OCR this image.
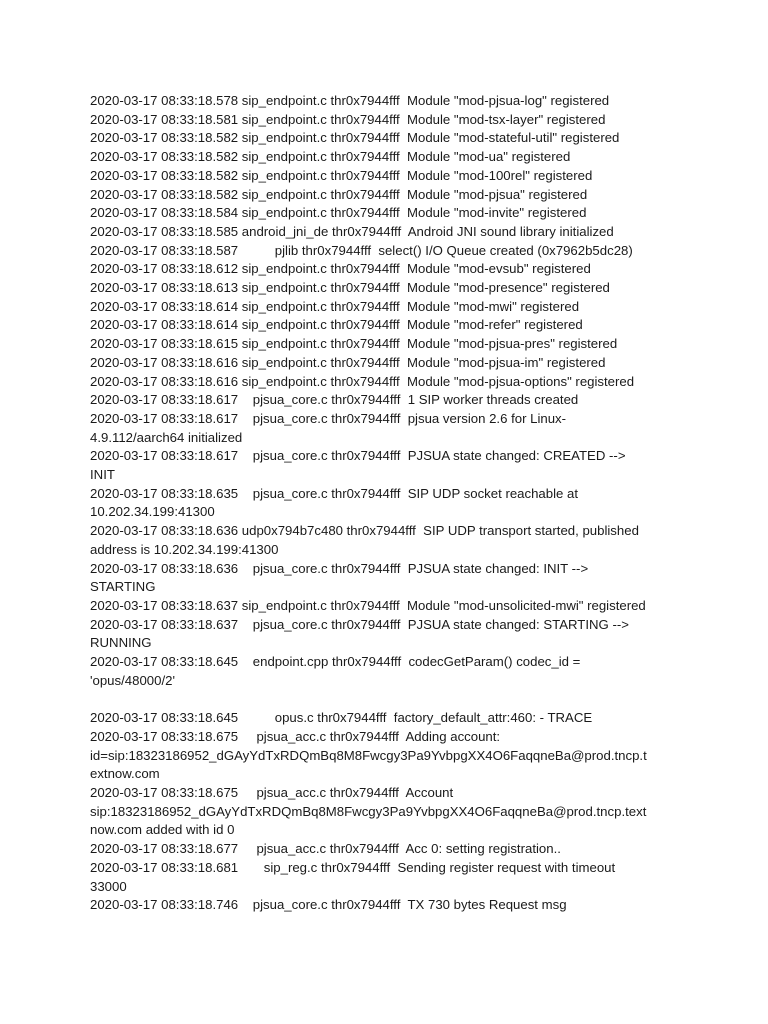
2020-03-17 08:33:18.578 sip_endpoint.c thr0x7944fff  Module "mod-pjsua-log" registered
2020-03-17 08:33:18.581 sip_endpoint.c thr0x7944fff  Module "mod-tsx-layer" registered
2020-03-17 08:33:18.582 sip_endpoint.c thr0x7944fff  Module "mod-stateful-util" registered
2020-03-17 08:33:18.582 sip_endpoint.c thr0x7944fff  Module "mod-ua" registered
2020-03-17 08:33:18.582 sip_endpoint.c thr0x7944fff  Module "mod-100rel" registered
2020-03-17 08:33:18.582 sip_endpoint.c thr0x7944fff  Module "mod-pjsua" registered
2020-03-17 08:33:18.584 sip_endpoint.c thr0x7944fff  Module "mod-invite" registered
2020-03-17 08:33:18.585 android_jni_de thr0x7944fff  Android JNI sound library initialized
2020-03-17 08:33:18.587          pjlib thr0x7944fff  select() I/O Queue created (0x7962b5dc28)
2020-03-17 08:33:18.612 sip_endpoint.c thr0x7944fff  Module "mod-evsub" registered
2020-03-17 08:33:18.613 sip_endpoint.c thr0x7944fff  Module "mod-presence" registered
2020-03-17 08:33:18.614 sip_endpoint.c thr0x7944fff  Module "mod-mwi" registered
2020-03-17 08:33:18.614 sip_endpoint.c thr0x7944fff  Module "mod-refer" registered
2020-03-17 08:33:18.615 sip_endpoint.c thr0x7944fff  Module "mod-pjsua-pres" registered
2020-03-17 08:33:18.616 sip_endpoint.c thr0x7944fff  Module "mod-pjsua-im" registered
2020-03-17 08:33:18.616 sip_endpoint.c thr0x7944fff  Module "mod-pjsua-options" registered
2020-03-17 08:33:18.617    pjsua_core.c thr0x7944fff  1 SIP worker threads created
2020-03-17 08:33:18.617    pjsua_core.c thr0x7944fff  pjsua version 2.6 for Linux-
4.9.112/aarch64 initialized
2020-03-17 08:33:18.617    pjsua_core.c thr0x7944fff  PJSUA state changed: CREATED -->
INIT
2020-03-17 08:33:18.635    pjsua_core.c thr0x7944fff  SIP UDP socket reachable at
10.202.34.199:41300
2020-03-17 08:33:18.636 udp0x794b7c480 thr0x7944fff  SIP UDP transport started, published
address is 10.202.34.199:41300
2020-03-17 08:33:18.636    pjsua_core.c thr0x7944fff  PJSUA state changed: INIT -->
STARTING
2020-03-17 08:33:18.637 sip_endpoint.c thr0x7944fff  Module "mod-unsolicited-mwi" registered
2020-03-17 08:33:18.637    pjsua_core.c thr0x7944fff  PJSUA state changed: STARTING -->
RUNNING
2020-03-17 08:33:18.645    endpoint.cpp thr0x7944fff  codecGetParam() codec_id =
'opus/48000/2'
2020-03-17 08:33:18.645          opus.c thr0x7944fff  factory_default_attr:460: - TRACE
2020-03-17 08:33:18.675     pjsua_acc.c thr0x7944fff  Adding account:
id=sip:18323186952_dGAyYdTxRDQmBq8M8Fwcgy3Pa9YvbpgXX4O6FaqqneBa@prod.tncp.t
extnow.com
2020-03-17 08:33:18.675     pjsua_acc.c thr0x7944fff  Account
sip:18323186952_dGAyYdTxRDQmBq8M8Fwcgy3Pa9YvbpgXX4O6FaqqneBa@prod.tncp.text
now.com added with id 0
2020-03-17 08:33:18.677     pjsua_acc.c thr0x7944fff  Acc 0: setting registration..
2020-03-17 08:33:18.681       sip_reg.c thr0x7944fff  Sending register request with timeout
33000
2020-03-17 08:33:18.746    pjsua_core.c thr0x7944fff  TX 730 bytes Request msg
